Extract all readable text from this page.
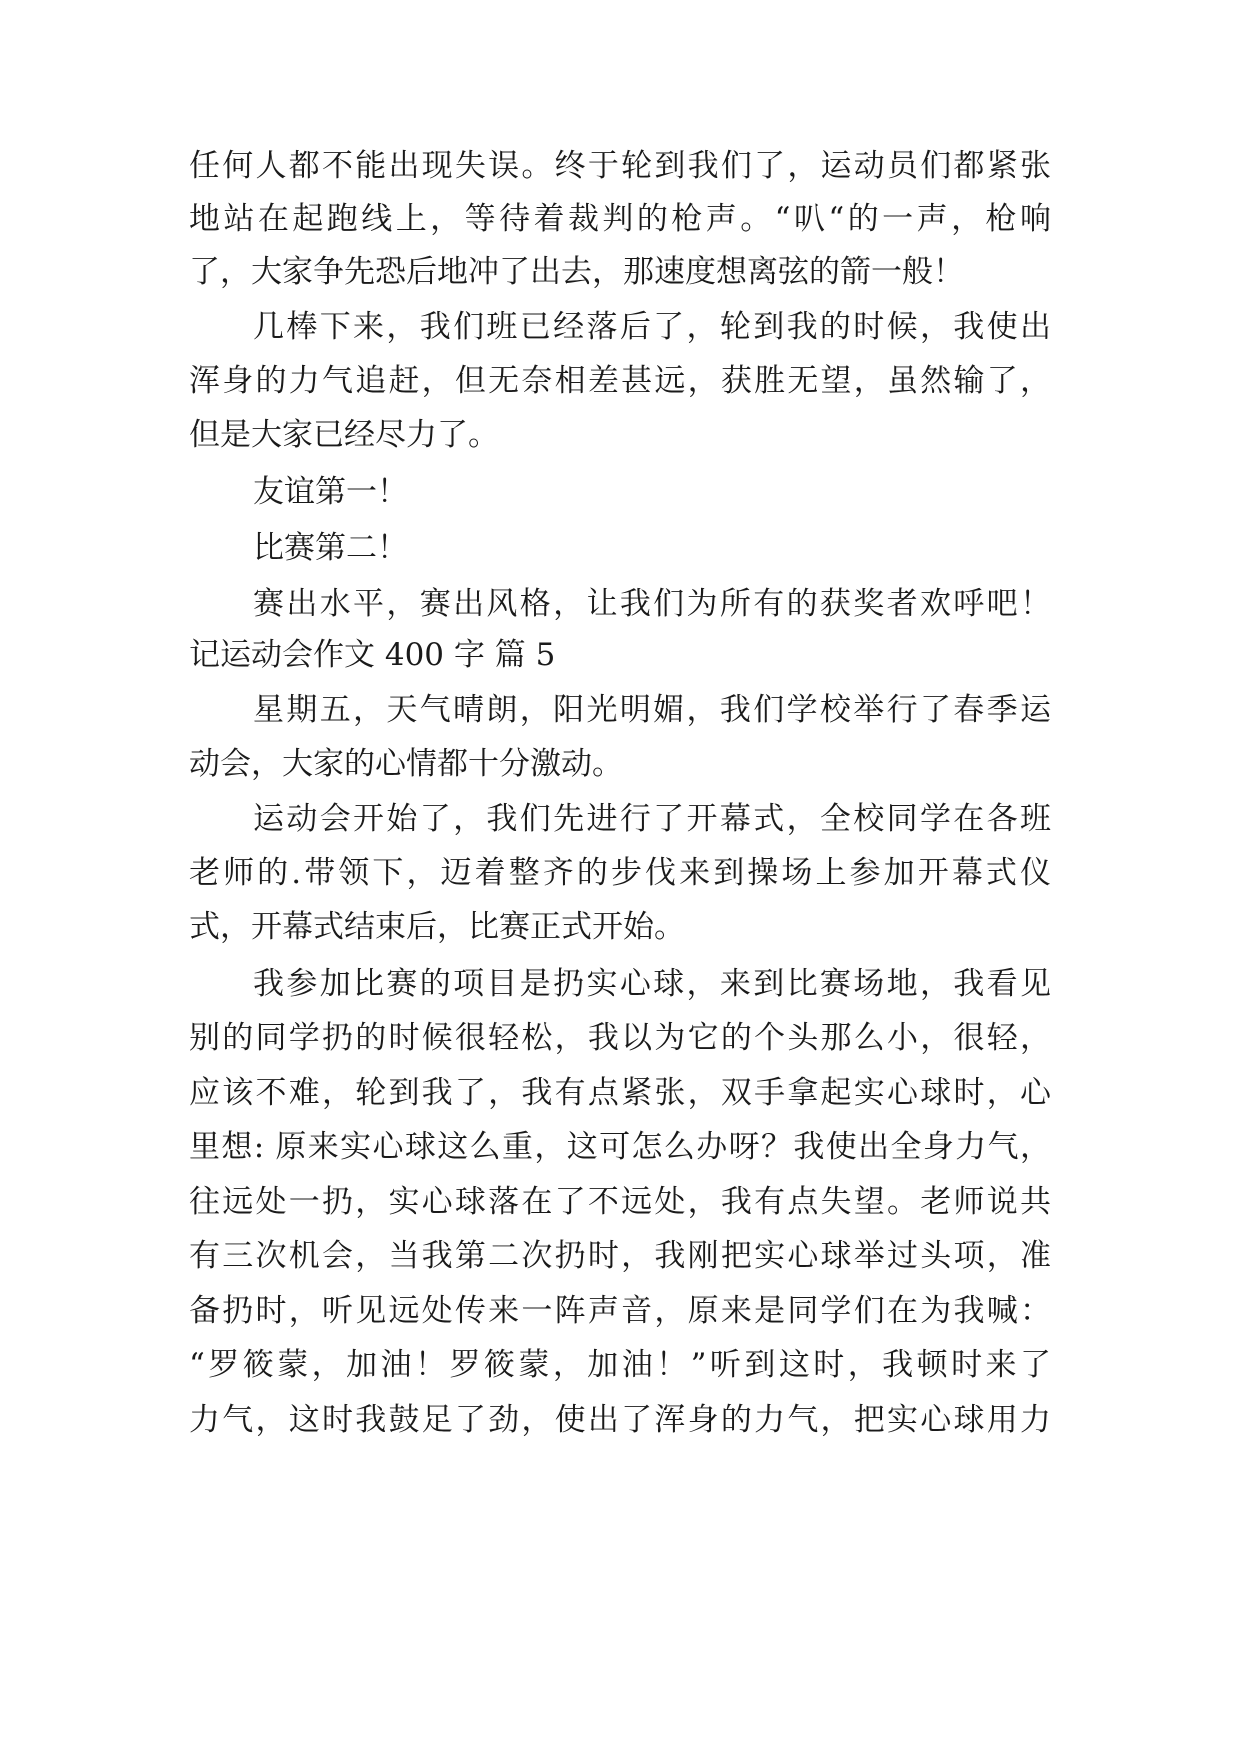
任何人都不能出现失误。终于轮到我们了，运动员们都紧张
地站在起跑线上，等待着裁判的枪声。“叭“的一声，枪响
了，大家争先恐后地冲了出去，那速度想离弦的箭一般！
几棒下来，我们班已经落后了，轮到我的时候，我使出
浑身的力气追赶，但无奈相差甚远，获胜无望，虽然输了，
但是大家已经尽力了。
友谊第一！
比赛第二！
赛出水平，赛出风格，让我们为所有的获奖者欢呼吧！
记运动会作文 400 字 篇 5
星期五，天气晴朗，阳光明媚，我们学校举行了春季运
动会，大家的心情都十分激动。
运动会开始了，我们先进行了开幕式，全校同学在各班
老师的.带领下，迈着整齐的步伐来到操场上参加开幕式仪
式，开幕式结束后，比赛正式开始。
我参加比赛的项目是扔实心球，来到比赛场地，我看见
别的同学扔的时候很轻松，我以为它的个头那么小，很轻，
应该不难，轮到我了，我有点紧张，双手拿起实心球时，心
里想: 原来实心球这么重，这可怎么办呀？我使出全身力气，
往远处一扔，实心球落在了不远处，我有点失望。老师说共
有三次机会，当我第二次扔时，我刚把实心球举过头项，准
备扔时，听见远处传来一阵声音，原来是同学们在为我喊：
“罗筱蒙，加油！罗筱蒙，加油！”听到这时，我顿时来了
力气，这时我鼓足了劲，使出了浑身的力气，把实心球用力
